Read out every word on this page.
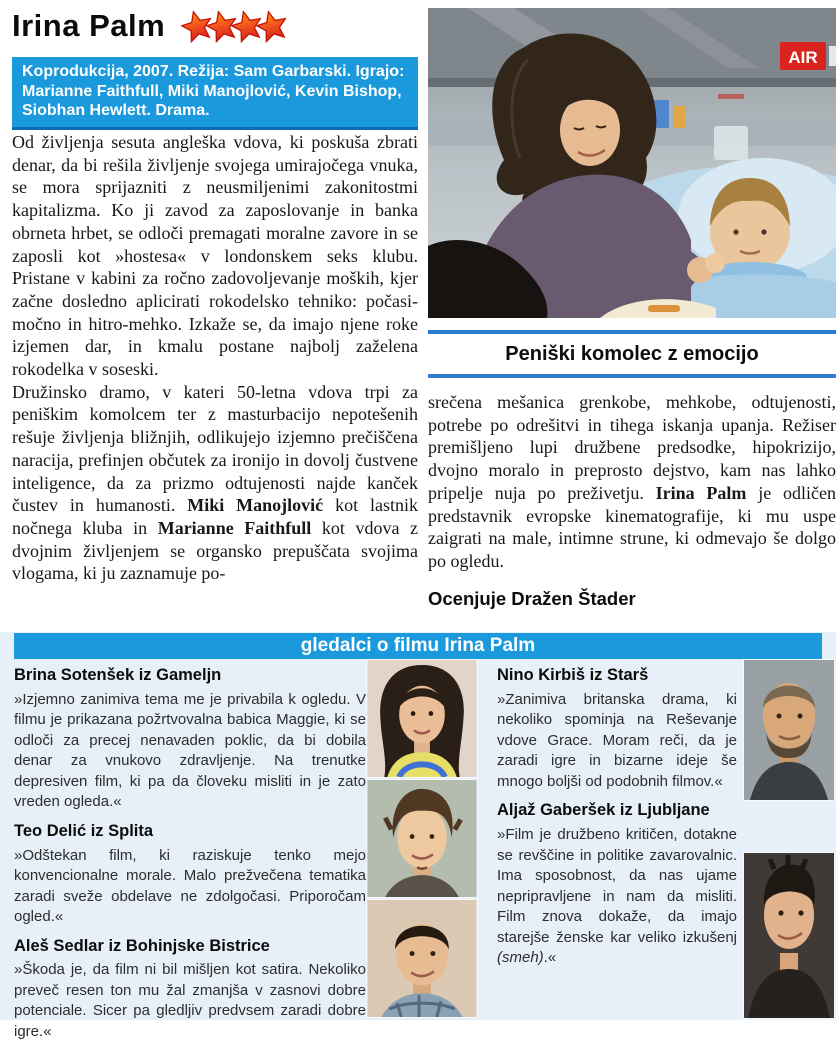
Irina Palm
Koprodukcija, 2007. Režija: Sam Garbarski. Igrajo: Marianne Faithfull, Miki Manojlović, Kevin Bishop, Siobhan Hewlett. Drama.

Od življenja sesuta angleška vdova, ki poskuša zbrati denar, da bi rešila življenje svojega umirajočega vnuka, se mora sprijazniti z neusmiljenimi zakonitostmi kapitalizma. Ko ji zavod za zaposlovanje in banka obrneta hrbet, se odloči premagati moralne zavore in se zaposli kot »hostesa« v londonskem seks klubu. Pristane v kabini za ročno zadovoljevanje moških, kjer začne dosledno aplicirati rokodelsko tehniko: počasi-močno in hitro-mehko. Izkaže se, da imajo njene roke izjemen dar, in kmalu postane najbolj zaželena rokodelka v soseski.

Družinsko dramo, v kateri 50-letna vdova trpi za peniškim komolcem ter z masturbacijo nepotešenih rešuje življenja bližnjih, odlikujejo izjemno prečiščena naracija, prefinjen občutek za ironijo in dovolj čustvene inteligence, da za prizmo odtujenosti najde kanček čustev in humanosti. Miki Manojlović kot lastnik nočnega kluba in Marianne Faithfull kot vdova z dvojnim življenjem se organsko prepuščata svojima vlogama, ki ju zaznamuje po-

AIR
Peniški komolec z emocijo

srečena mešanica grenkobe, mehkobe, odtujenosti, potrebe po odrešitvi in tihega iskanja upanja. Režiser premišljeno lupi družbene predsodke, hipokrizijo, dvojno moralo in preprosto dejstvo, kam nas lahko pripelje nuja po preživetju. Irina Palm je odličen predstavnik evropske kinematografije, ki mu uspe zaigrati na male, intimne strune, ki odmevajo še dolgo po ogledu.

Ocenjuje Dražen Štader

gledalci o filmu Irina Palm
Brina Sotenšek iz Gameljn

»Izjemno zanimiva tema me je privabila k ogledu. V filmu je prikazana požrtvovalna babica Maggie, ki se odloči za precej nenavaden poklic, da bi dobila denar za vnukovo zdravljenje. Na trenutke depresiven film, ki pa da človeku misliti in je zato vreden ogleda.«

Teo Delić iz Splita

»Odštekan film, ki raziskuje tenko mejo konvencionalne morale. Malo prežvečena tematika zaradi sveže obdelave ne zdolgočasi. Priporočam ogled.«

Aleš Sedlar iz Bohinjske Bistrice

»Škoda je, da film ni bil mišljen kot satira. Nekoliko preveč resen ton mu žal zmanjša v zasnovi dobre potenciale. Sicer pa gledljiv predvsem zaradi dobre igre.«

Nino Kirbiš iz Starš

»Zanimiva britanska drama, ki nekoliko spominja na Reševanje vdove Grace. Moram reči, da je zaradi igre in bizarne ideje še mnogo boljši od podobnih filmov.«

Aljaž Gaberšek iz Ljubljane

»Film je družbeno kritičen, dotakne se revščine in politike zavarovalnic. Ima sposobnost, da nas ujame nepripravljene in nam da misliti. Film znova dokaže, da imajo starejše ženske kar veliko izkušenj (smeh).«
